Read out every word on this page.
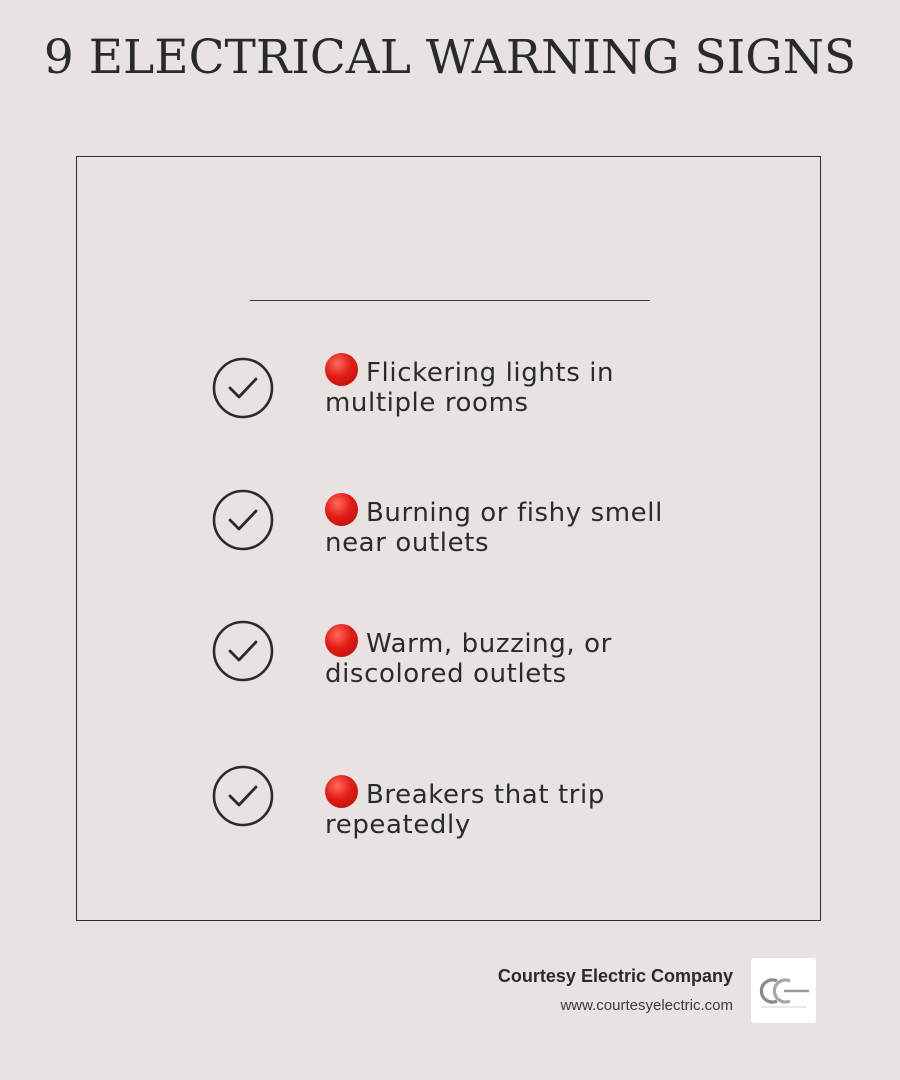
9 ELECTRICAL WARNING SIGNS
Flickering lights in multiple rooms
Burning or fishy smell near outlets
Warm, buzzing, or discolored outlets
Breakers that trip repeatedly
Courtesy Electric Company
www.courtesyelectric.com
